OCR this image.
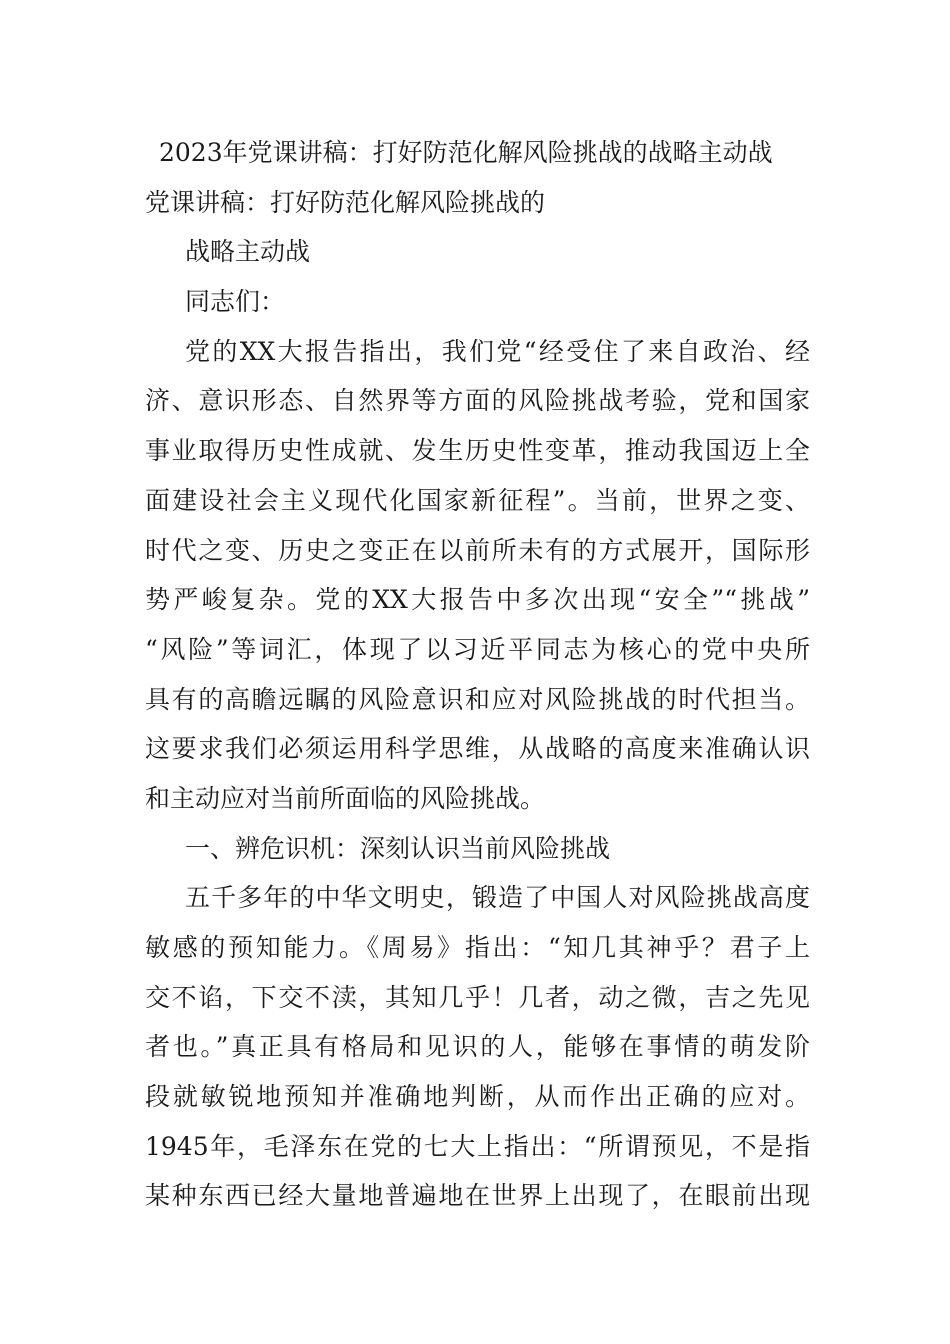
2023年党课讲稿：打好防范化解风险挑战的战略主动战
党课讲稿：打好防范化解风险挑战的
战略主动战
同志们：
党的XX大报告指出，我们党“经受住了来自政治、经
济、意识形态、自然界等方面的风险挑战考验，党和国家
事业取得历史性成就、发生历史性变革，推动我国迈上全
面建设社会主义现代化国家新征程”。当前，世界之变、
时代之变、历史之变正在以前所未有的方式展开，国际形
势严峻复杂。党的XX大报告中多次出现“安全”“挑战”
“风险”等词汇，体现了以习近平同志为核心的党中央所
具有的高瞻远瞩的风险意识和应对风险挑战的时代担当。
这要求我们必须运用科学思维，从战略的高度来准确认识
和主动应对当前所面临的风险挑战。
一、辨危识机：深刻认识当前风险挑战
五千多年的中华文明史，锻造了中国人对风险挑战高度
敏感的预知能力。《周易》指出：“知几其神乎？君子上
交不谄，下交不渎，其知几乎！几者，动之微，吉之先见
者也。”真正具有格局和见识的人，能够在事情的萌发阶
段就敏锐地预知并准确地判断，从而作出正确的应对。
1945年，毛泽东在党的七大上指出：“所谓预见，不是指
某种东西已经大量地普遍地在世界上出现了，在眼前出现
